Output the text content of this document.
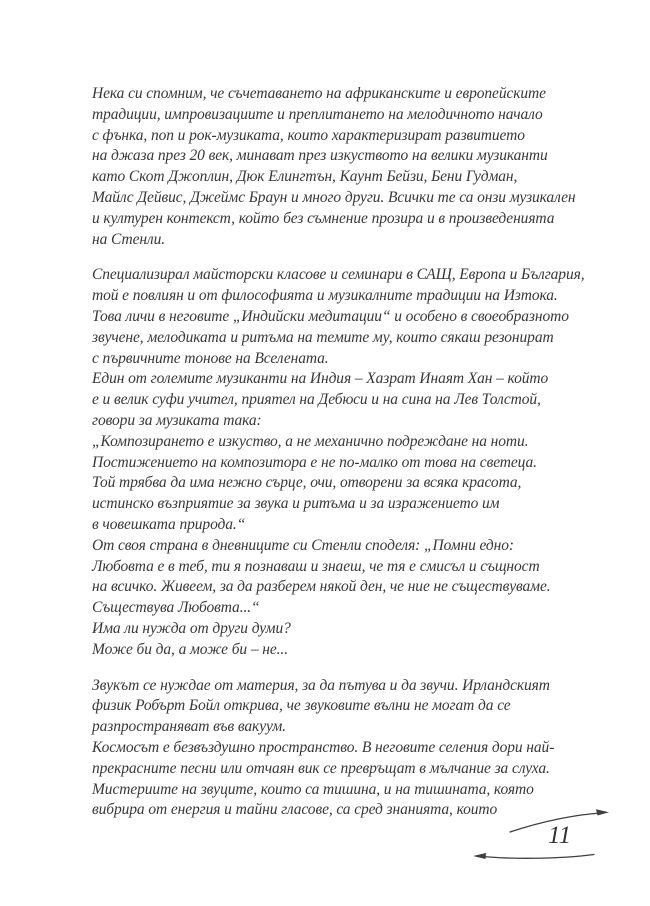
Нека си спомним, че съчетаването на африканските и европейските
традиции, импровизациите и преплитането на мелодичното начало
с фънка, поп и рок-музиката, които характеризират развитието
на джаза през 20 век, минават през изкуството на велики музиканти
като Скот Джоплин, Дюк Елингтън, Каунт Бейзи, Бени Гудман,
Майлс Дейвис, Джеймс Браун и много други. Всички те са онзи музикален
и културен контекст, който без съмнение прозира и в произведенията
на Стенли.
Специализирал майсторски класове и семинари в САЩ, Европа и България,
той е повлиян и от философията и музикалните традиции на Изтока.
Това личи в неговите „Индийски медитации“ и особено в своеобразното
звучене, мелодиката и ритъма на темите му, които сякаш резонират
с първичните тонове на Вселената.
Един от големите музиканти на Индия – Хазрат Инаят Хан – който
е и велик суфи учител, приятел на Дебюси и на сина на Лев Толстой,
говори за музиката така:
„Композирането е изкуство, а не механично подреждане на ноти.
Постижението на композитора е не по-малко от това на светеца.
Той трябва да има нежно сърце, очи, отворени за всяка красота,
истинско възприятие за звука и ритъма и за изражението им
в човешката природа.“
От своя страна в дневниците си Стенли споделя: „Помни едно:
Любовта е в теб, ти я познаваш и знаеш, че тя е смисъл и същност
на всичко. Живеем, за да разберем някой ден, че ние не съществуваме.
Съществува Любовта...“
Има ли нужда от други думи?
Може би да, а може би – не...
Звукът се нуждае от материя, за да пътува и да звучи. Ирландският
физик Робърт Бойл открива, че звуковите вълни не могат да се
разпространяват във вакуум.
Космосът е безвъздушно пространство. В неговите селения дори най-
прекрасните песни или отчаян вик се превръщат в мълчание за слуха.
Мистериите на звуците, които са тишина, и на тишината, която
вибрира от енергия и тайни гласове, са сред знанията, които
11
